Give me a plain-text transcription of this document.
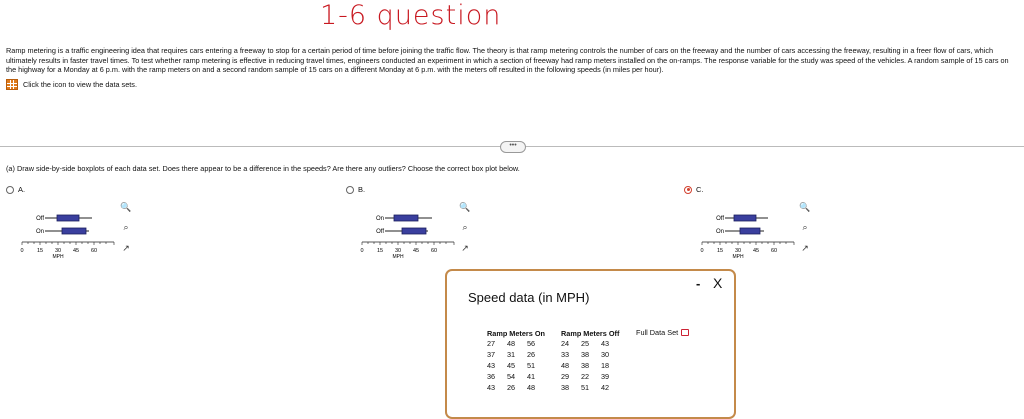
1-6 question
Ramp metering is a traffic engineering idea that requires cars entering a freeway to stop for a certain period of time before joining the traffic flow. The theory is that ramp metering controls the number of cars on the freeway and the number of cars accessing the freeway, resulting in a freer flow of cars, which ultimately results in faster travel times. To test whether ramp metering is effective in reducing travel times, engineers conducted an experiment in which a section of freeway had ramp meters installed on the on-ramps. The response variable for the study was speed of the vehicles. A random sample of 15 cars on the highway for a Monday at 6 p.m. with the ramp meters on and a second random sample of 15 cars on a different Monday at 6 p.m. with the meters off resulted in the following speeds (in miles per hour).
Click the icon to view the data sets.
•••
(a) Draw side-by-side boxplots of each data set. Does there appear to be a difference in the speeds? Are there any outliers? Choose the correct box plot below.
A.	B.	C.
Off
On
0 15 30 45 60
MPH
🔍
⌕
↗
On
Off
0 15 30 45 60
MPH
🔍
⌕
↗
Off
On
0 15 30 45 60
MPH
🔍
⌕
↗
- X
Speed data (in MPH)
Ramp Meters On Ramp Meters Off Full Data Set
27	48	56
37	31	26
43	45	51
36	54	41
43	26	48
24	25	43
33	38	30
48	38	18
29	22	39
38	51	42
